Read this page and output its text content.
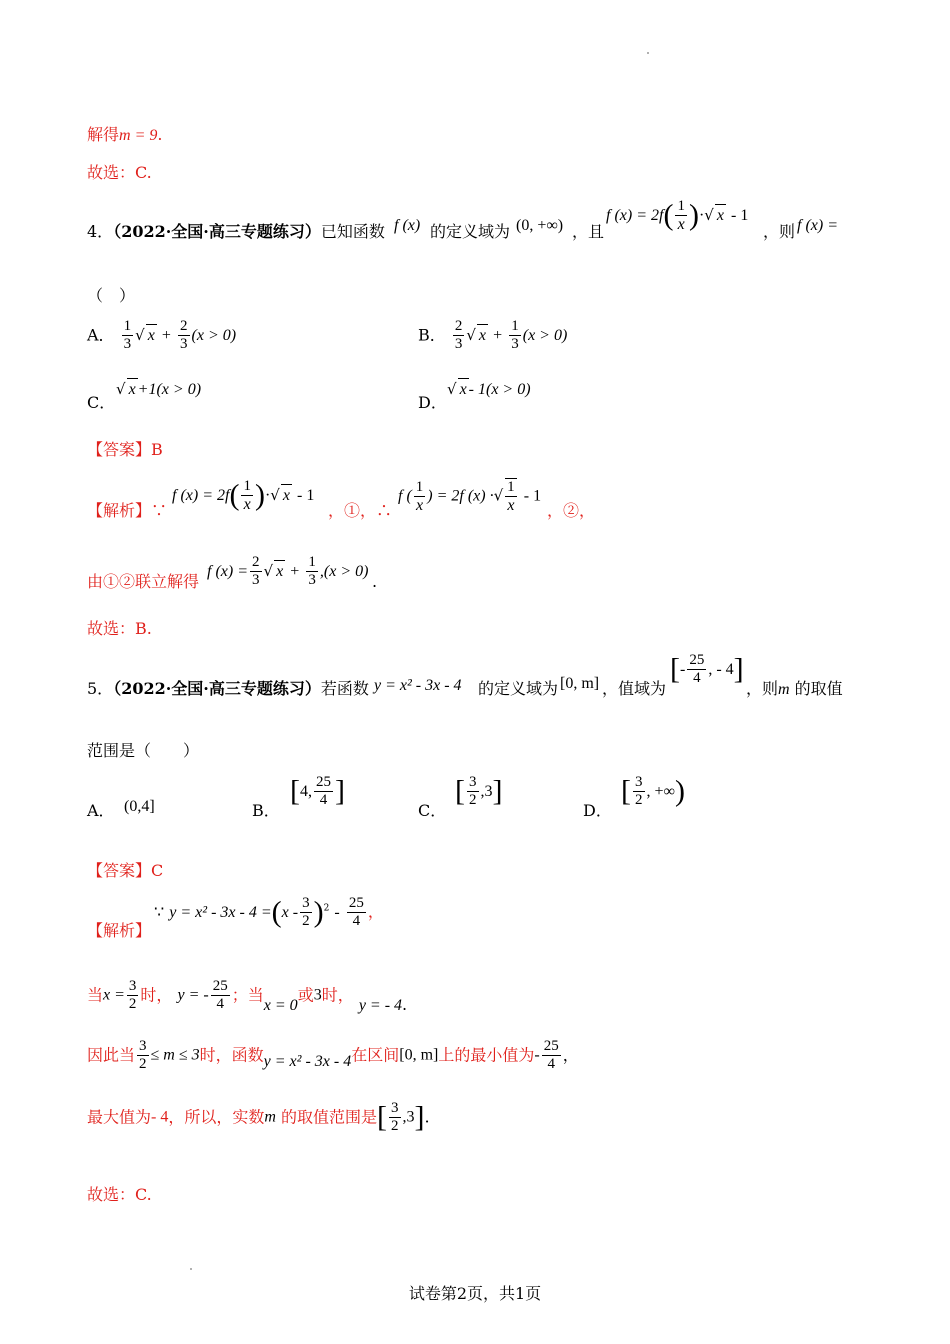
解得m = 9.
故选：C.
4．（2022·全国·高三专题练习）已知函数 f (x) 的定义域为 (0, +∞) ，且
f $(x) = 2f( \frac{1}{x}$ )·√ x - 1
，则 f (x) =
（　）
A． $\frac{1}{3}$ √ $x + \frac{2}{3} (x > 0)$	B． $\frac{2}{3}$ √ $x + \frac{1}{3} (x > 0)$
C．
√ x +1(x > 0)
D．
√ x - 1(x > 0)
【答案】B
【解析】∵
f $(x) = 2f( \frac{1}{x}$ )·√ x - 1
，①，∴
f ( $\frac{1}{x}$ ) = 2f (x) ·√ $\frac{1}{x} - 1$
，②，
由①②联立解得
f $(x) = \frac{2}{3}$ √ $x + \frac{1}{3} ,(x > 0)$
.
故选：B.
5．（2022·全国·高三专题练习）若函数 y = x² - 3x - 4 的定义域为 [0, m] ，值域为
[- $\frac{25}{4}$ , - 4]
，则m 的取值
范围是（　　）
A． (0,4]	B．
[4, $\frac{25}{4}$ ]
C．
[ $\frac{3}{2} ,3$]
D．
[ $\frac{3}{2}$ , +∞)
【答案】C
【解析】
∵ $y = x^2 - 3x - 4 =(x - \frac{3}{2} )^2 - \frac{25}{4}$ ，
当$x = \frac{3}{2}$ 时， y = - $\frac{25}{4}$ ；当x = 0或3时， y = - 4.
因此当 $\frac{3}{2} \le m \le 3$时，函数y = x² - 3x - 4在区间[0, m]上的最小值为- $\frac{25}{4}$ ，
最大值为- 4，所以，实数m 的取值范围是[ $\frac{3}{2} ,3$].
故选：C.
试卷第2页，共1页
